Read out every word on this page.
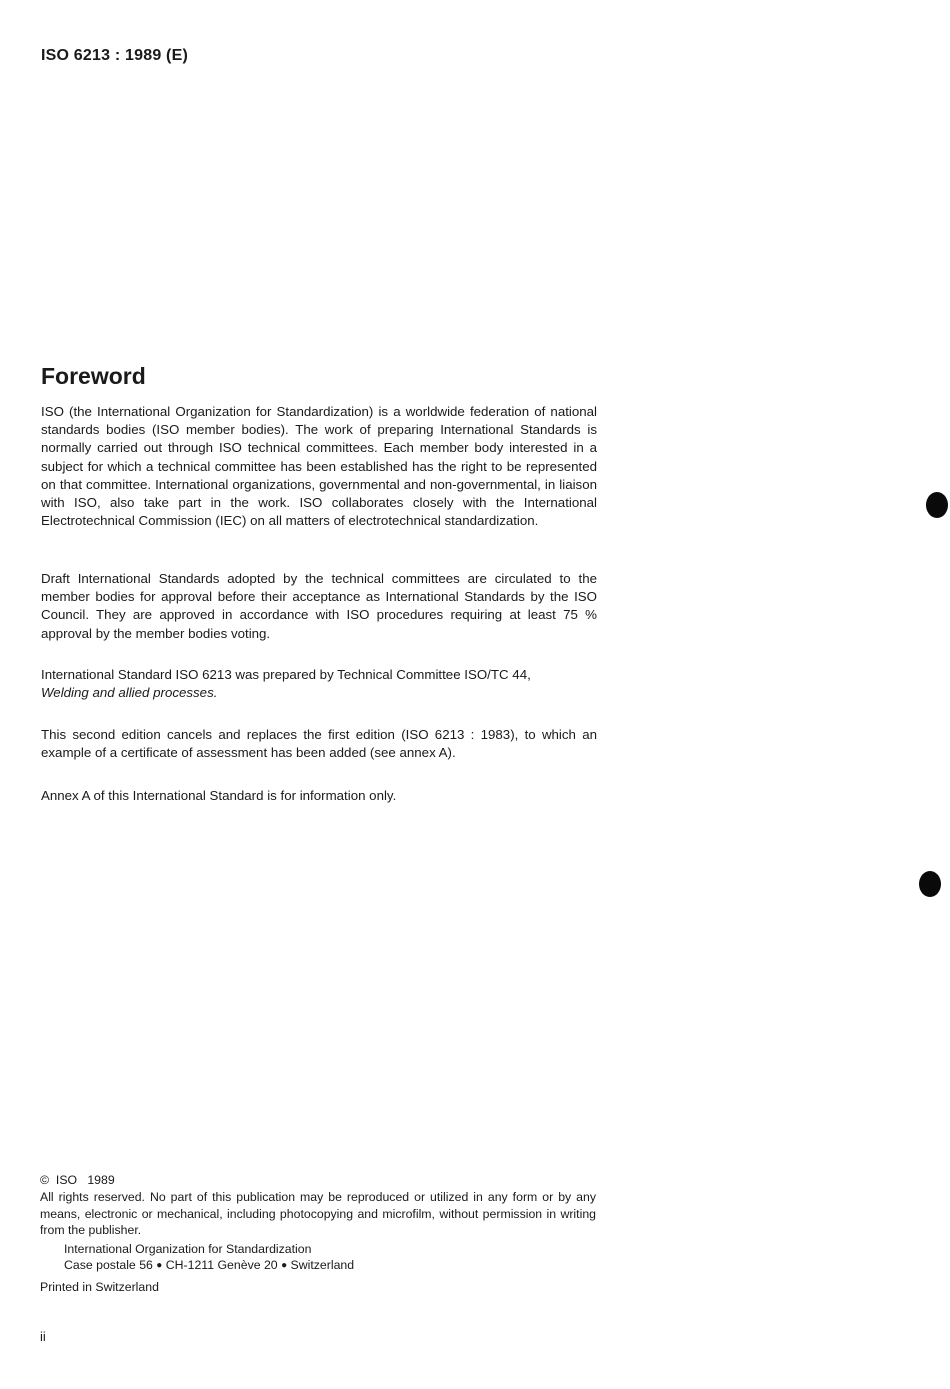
ISO 6213 : 1989 (E)
Foreword

ISO (the International Organization for Standardization) is a worldwide federation of national standards bodies (ISO member bodies). The work of preparing International Standards is normally carried out through ISO technical committees. Each member body interested in a subject for which a technical committee has been established has the right to be represented on that committee. International organizations, governmental and non-governmental, in liaison with ISO, also take part in the work. ISO collaborates closely with the International Electrotechnical Commission (IEC) on all matters of electrotechnical standardization.

Draft International Standards adopted by the technical committees are circulated to the member bodies for approval before their acceptance as International Standards by the ISO Council. They are approved in accordance with ISO procedures requiring at least 75 % approval by the member bodies voting.

International Standard ISO 6213 was prepared by Technical Committee ISO/TC 44,
Welding and allied processes.

This second edition cancels and replaces the first edition (ISO 6213 : 1983), to which an example of a certificate of assessment has been added (see annex A).

Annex A of this International Standard is for information only.

© ISO 1989

All rights reserved. No part of this publication may be reproduced or utilized in any form or by any means, electronic or mechanical, including photocopying and microfilm, without permission in writing from the publisher.

International Organization for Standardization

Case postale 56 ● CH-1211 Genève 20 ● Switzerland

Printed in Switzerland

ii
